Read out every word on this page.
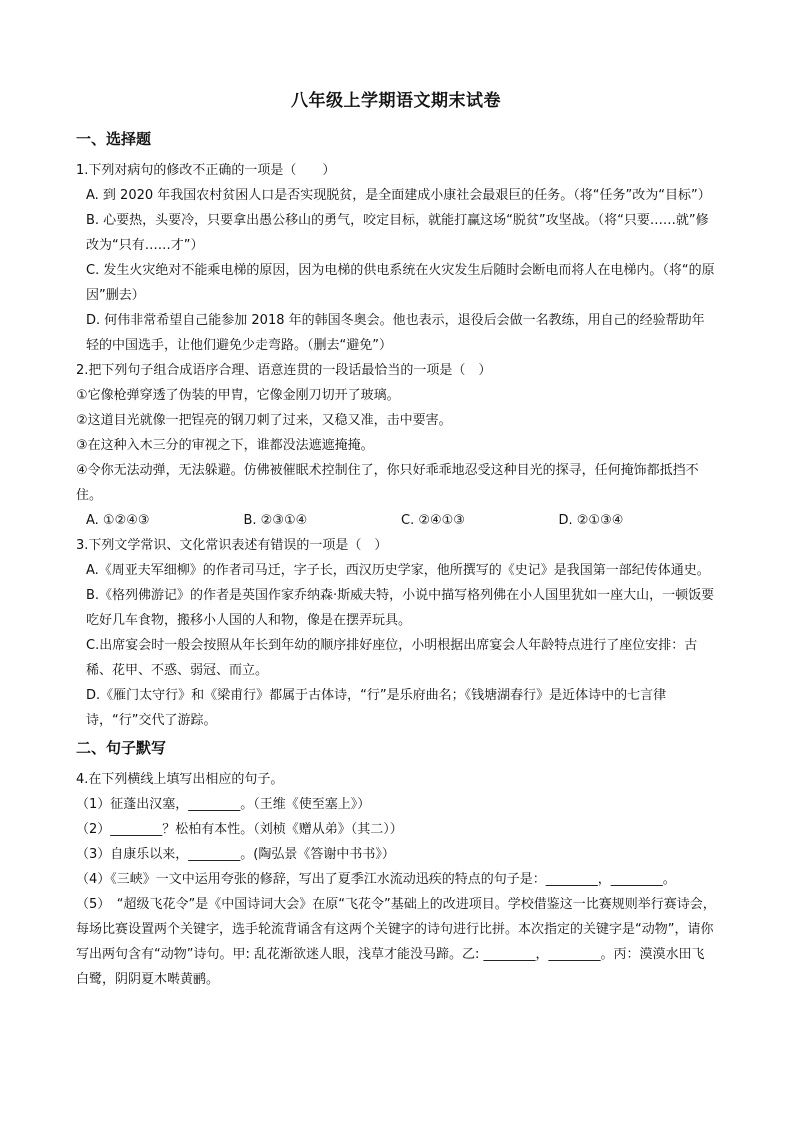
八年级上学期语文期末试卷
一、选择题

1.下列对病句的修改不正确的一项是（　　）

A. 到 2020 年我国农村贫困人口是否实现脱贫，是全面建成小康社会最艰巨的任务。（将“任务”改为“目标”）

B. 心要热，头要冷，只要拿出愚公移山的勇气，咬定目标，就能打赢这场“脱贫”攻坚战。（将“只要……就”修改为“只有……才”）

C. 发生火灾绝对不能乘电梯的原因，因为电梯的供电系统在火灾发生后随时会断电而将人在电梯内。（将“的原因”删去）

D. 何伟非常希望自己能参加 2018 年的韩国冬奥会。他也表示，退役后会做一名教练，用自己的经验帮助年轻的中国选手，让他们避免少走弯路。（删去“避免”）

2.把下列句子组合成语序合理、语意连贯的一段话最恰当的一项是（　）

①它像枪弹穿透了伪装的甲胄，它像金刚刀切开了玻璃。

②这道目光就像一把锃亮的钢刀刺了过来，又稳又准，击中要害。

③在这种入木三分的审视之下，谁都没法遮遮掩掩。

④令你无法动弹，无法躲避。仿佛被催眠术控制住了，你只好乖乖地忍受这种目光的探寻，任何掩饰都抵挡不住。

A. ①②④③	B. ②③①④	C. ②④①③	D. ②①③④

3.下列文学常识、文化常识表述有错误的一项是（　）

A.《周亚夫军细柳》的作者司马迁，字子长，西汉历史学家，他所撰写的《史记》是我国第一部纪传体通史。

B.《格列佛游记》的作者是英国作家乔纳森·斯威夫特，小说中描写格列佛在小人国里犹如一座大山，一顿饭要吃好几车食物，搬移小人国的人和物，像是在摆弄玩具。

C.出席宴会时一般会按照从年长到年幼的顺序排好座位，小明根据出席宴会人年龄特点进行了座位安排：古稀、花甲、不惑、弱冠、而立。

D.《雁门太守行》和《梁甫行》都属于古体诗，“行”是乐府曲名；《钱塘湖春行》是近体诗中的七言律诗，“行”交代了游踪。

二、句子默写

4.在下列横线上填写出相应的句子。

（1）征蓬出汉塞，________。（王维《使至塞上》）

（2）________？松柏有本性。（刘桢《赠从弟》（其二））

（3）自康乐以来，________。(陶弘景《答谢中书书》）

（4）《三峡》一文中运用夸张的修辞，写出了夏季江水流动迅疾的特点的句子是：________，________。

（5）　“超级飞花令”是《中国诗词大会》在原“飞花令”基础上的改进项目。学校借鉴这一比赛规则举行赛诗会，每场比赛设置两个关键字，选手轮流背诵含有这两个关键字的诗句进行比拼。本次指定的关键字是“动物”，请你写出两句含有“动物”诗句。甲: 乱花渐欲迷人眼，浅草才能没马蹄。乙: ________，________。丙：漠漠水田飞白鹭，阴阴夏木啭黄鹂。
